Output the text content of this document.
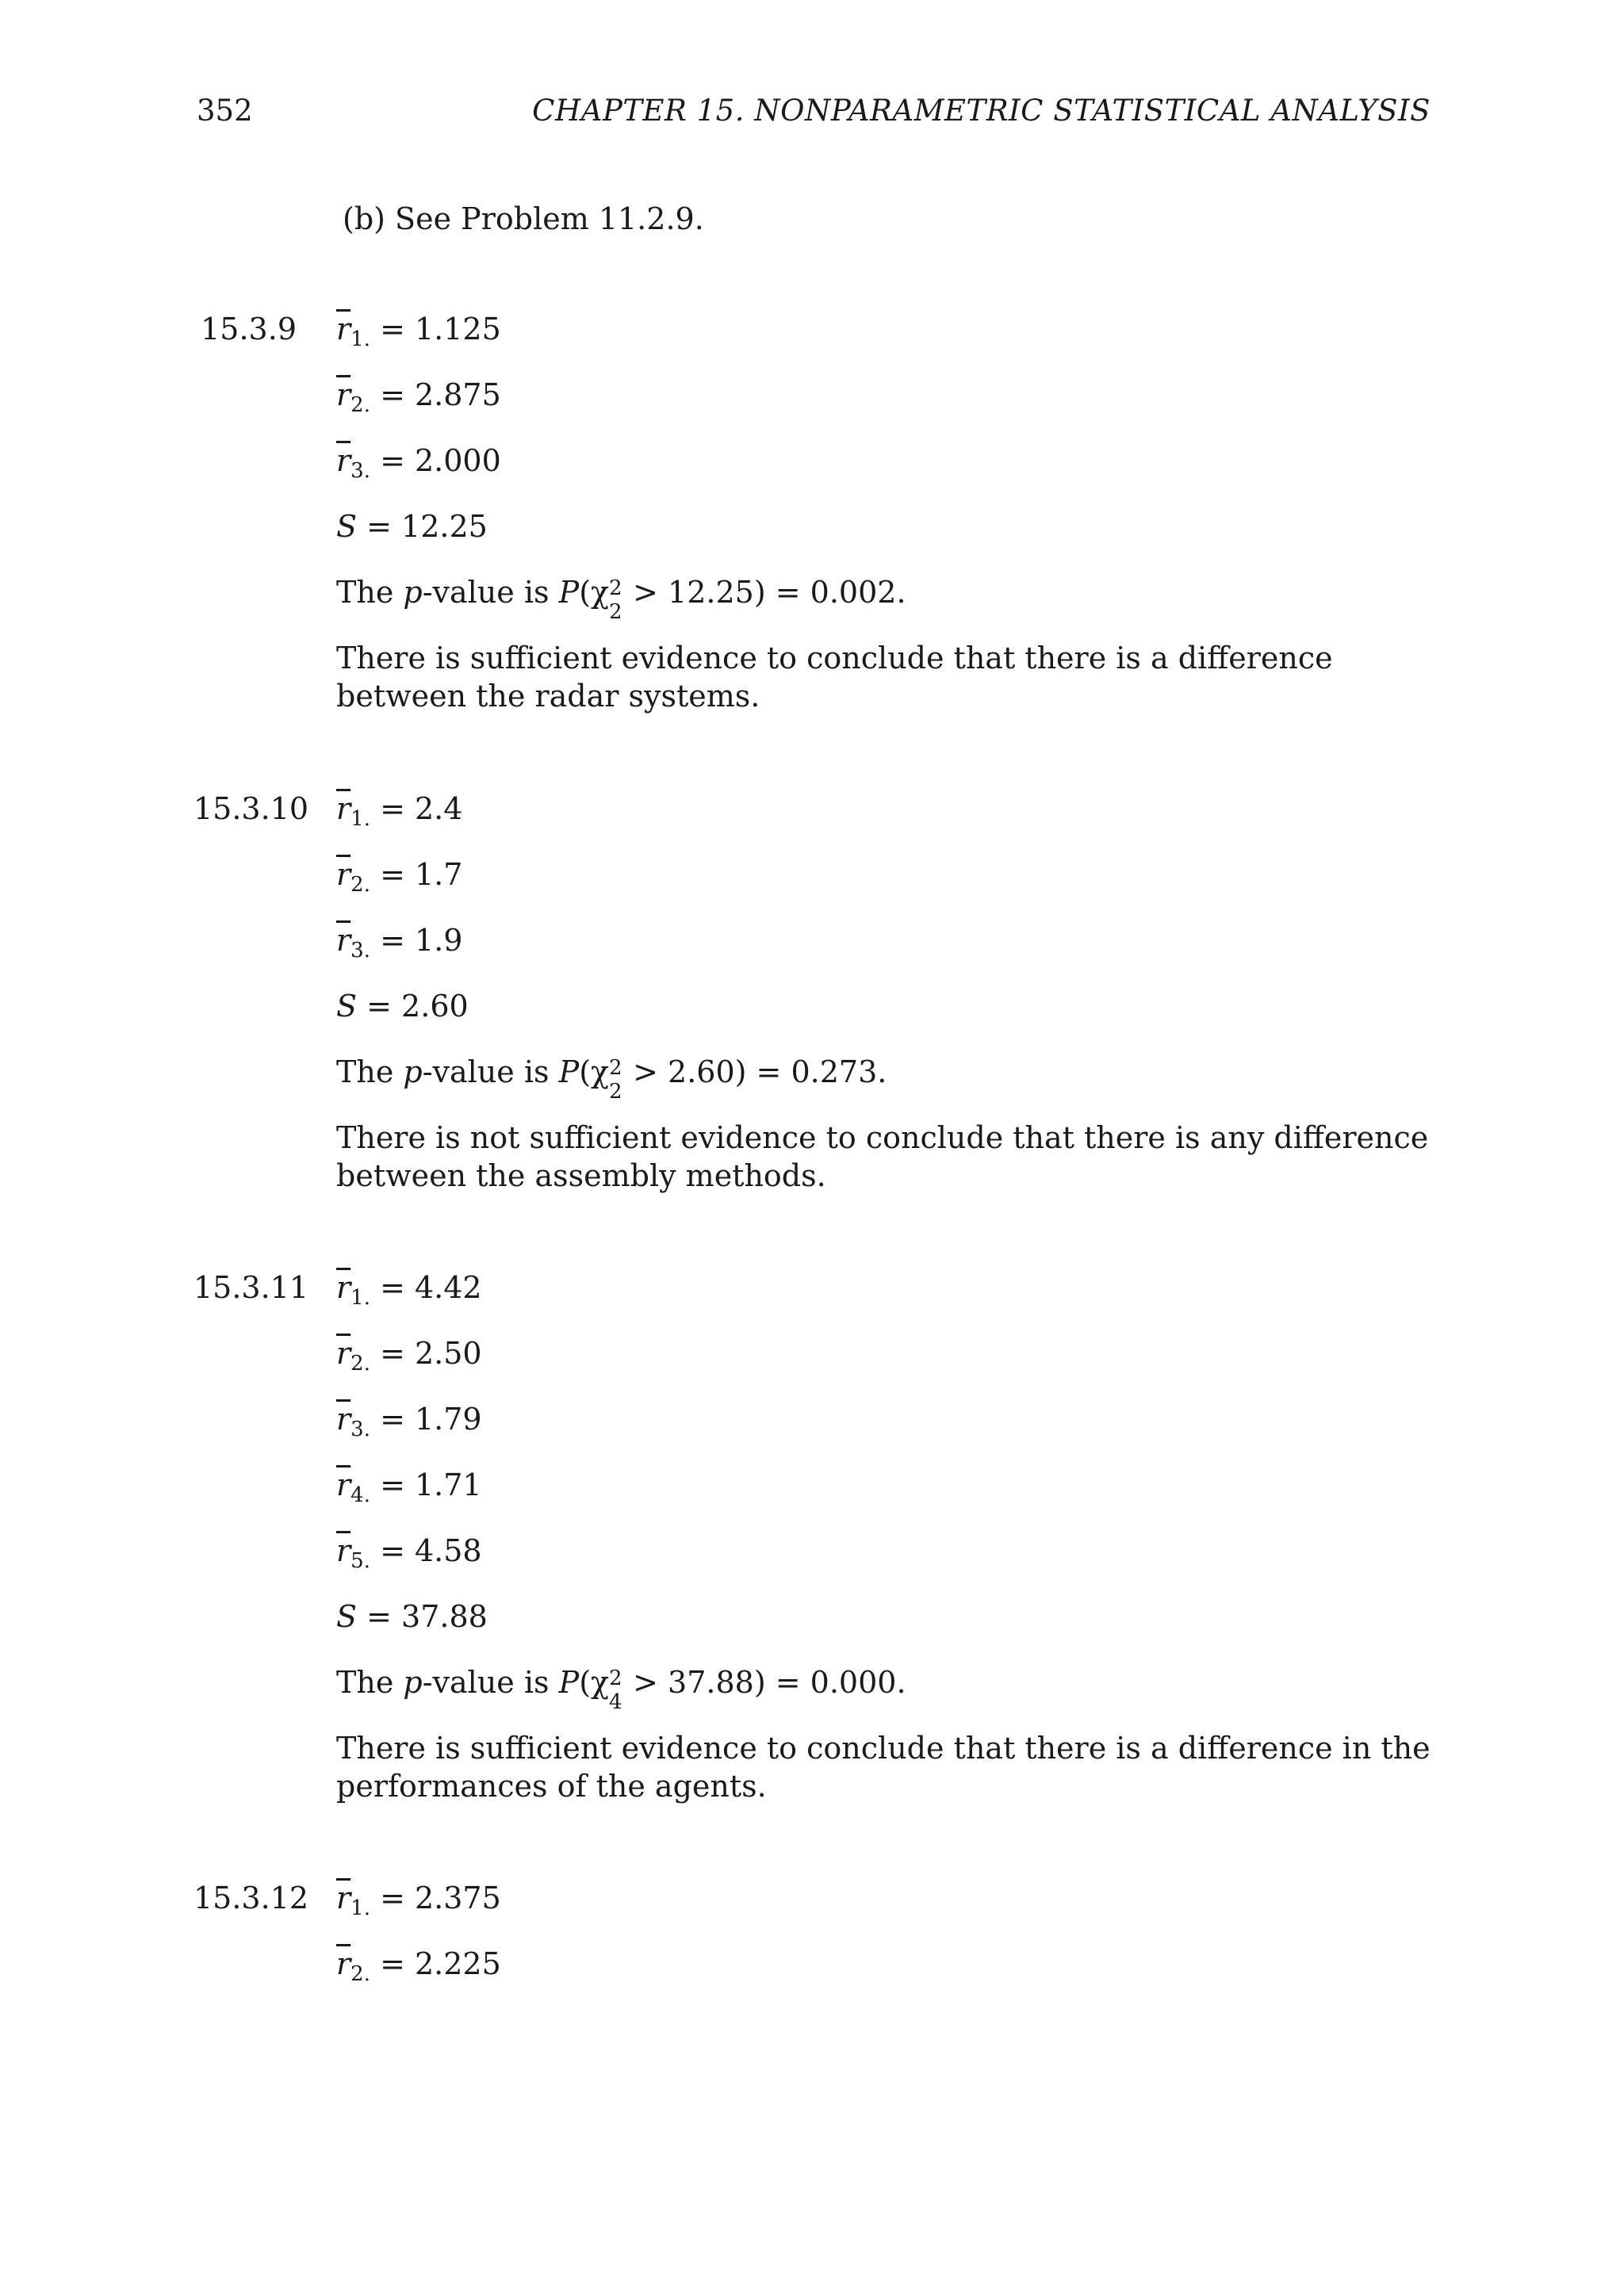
352	CHAPTER 15. NONPARAMETRIC STATISTICAL ANALYSIS
(b) See Problem 11.2.9.
15.3.9 $\overline{r}_{1.} = 1.125$
$\overline{r}_{2.} = 2.875$
$\overline{r}_{3.} = 2.000$
S = 12.25
The p-value is P(χ 2
2
> 12.25) = 0.002.
There is sufficient evidence to conclude that there is a difference between the radar systems.
15.3.10 $\overline{r}_{1.} = 2.4$
$\overline{r}_{2.} = 1.7$
$\overline{r}_{3.} = 1.9$
S = 2.60
The p-value is P(χ 2
2
> 2.60) = 0.273.
There is not sufficient evidence to conclude that there is any difference between the assembly methods.
15.3.11 $\overline{r}_{1.} = 4.42$
$\overline{r}_{2.} = 2.50$
$\overline{r}_{3.} = 1.79$
$\overline{r}_{4.} = 1.71$
$\overline{r}_{5.} = 4.58$
S = 37.88
The p-value is P(χ 2
4
> 37.88) = 0.000.
There is sufficient evidence to conclude that there is a difference in the performances of the agents.
15.3.12 $\overline{r}_{1.} = 2.375$
$\overline{r}_{2.} = 2.225$
